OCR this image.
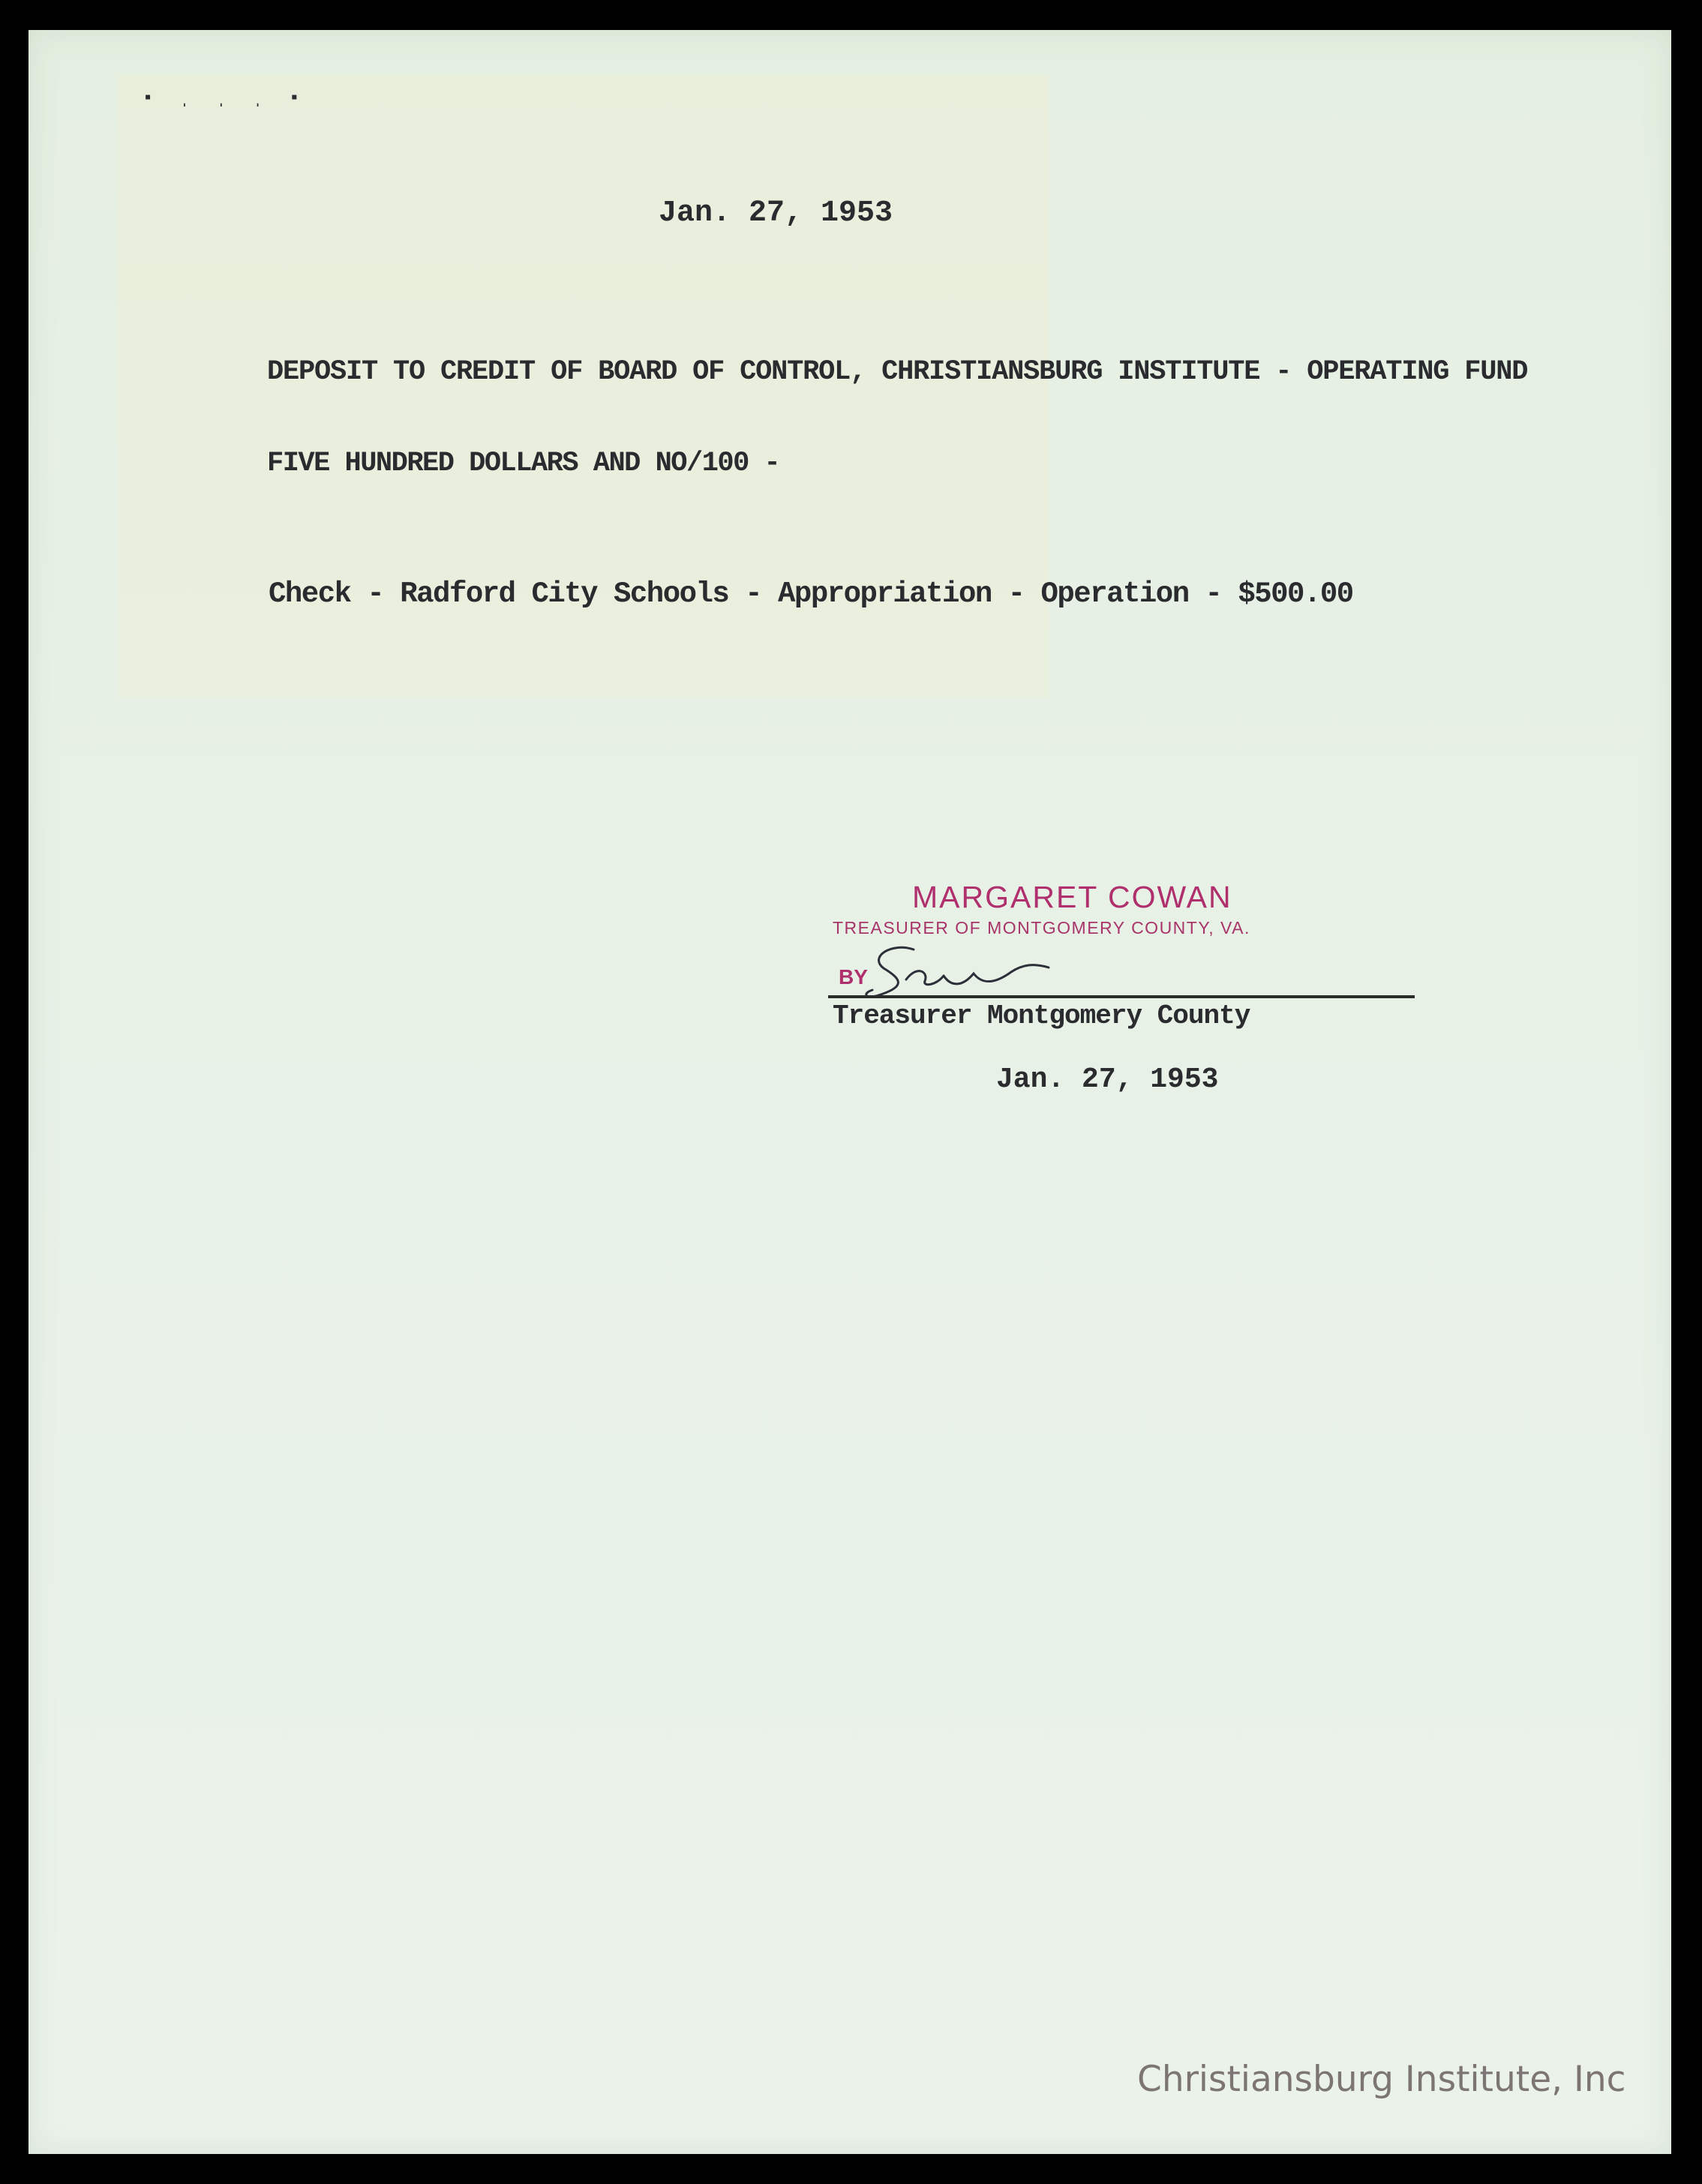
▪ ˌ ˌ ˌ ▪
Jan. 27, 1953
DEPOSIT TO CREDIT OF BOARD OF CONTROL, CHRISTIANSBURG INSTITUTE - OPERATING FUND
FIVE HUNDRED DOLLARS AND NO/100 -
Check - Radford City Schools - Appropriation - Operation - $500.00
MARGARET COWAN
TREASURER OF MONTGOMERY COUNTY, VA.
BY
Treasurer Montgomery County
Jan. 27, 1953
Christiansburg Institute, Inc
